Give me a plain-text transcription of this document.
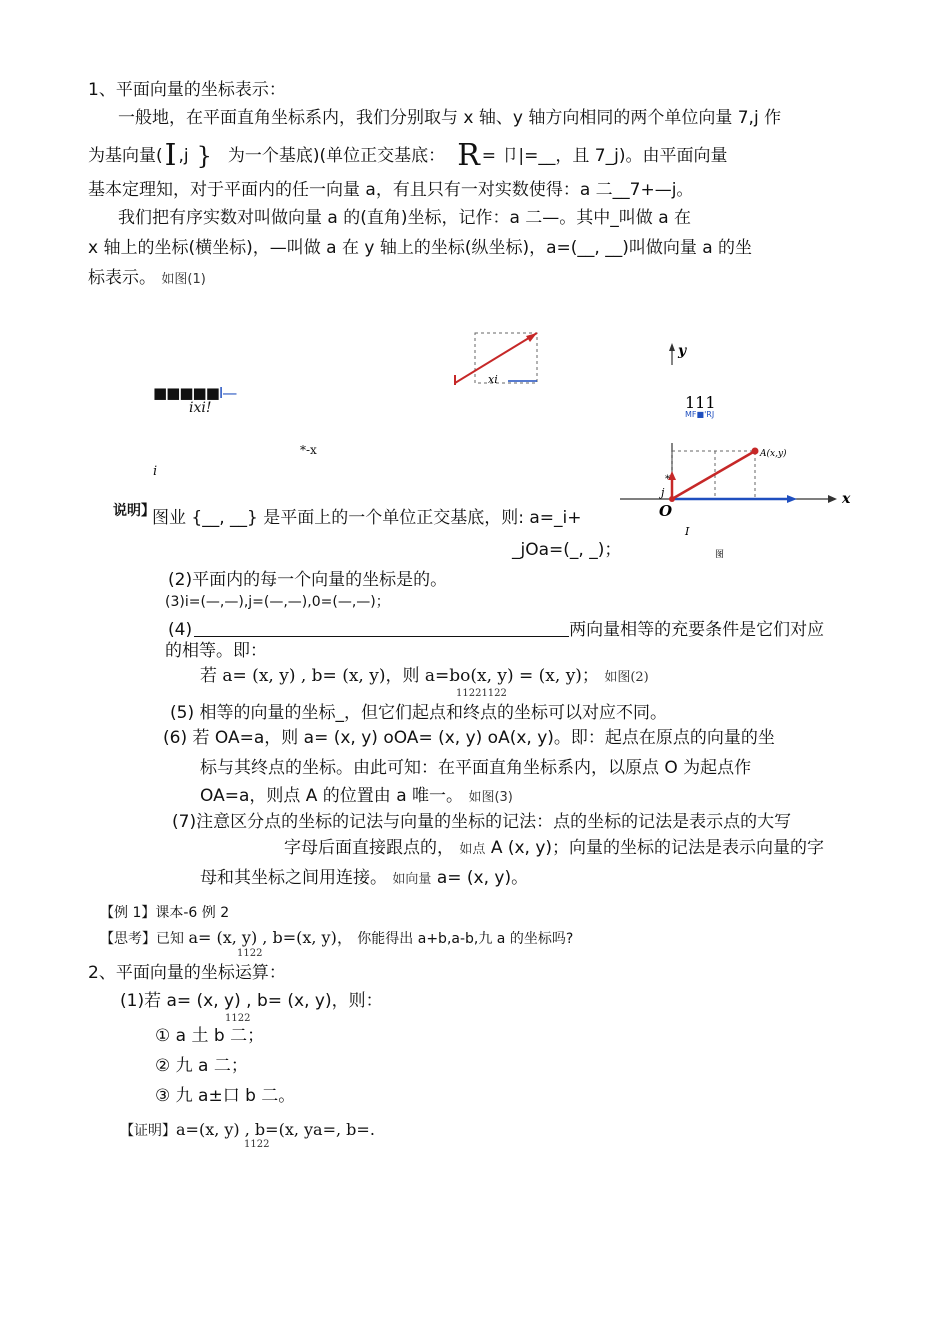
1、平面向量的坐标表示：
一般地，在平面直角坐标系内，我们分别取与 x 轴、y 轴方向相同的两个单位向量 7,j 作
为基向量( I ,j } 为一个基底)(单位正交基底： R = 卩|=__，且 7_j)。由平面向量
基本定理知，对于平面内的任一向量 a，有且只有一对实数使得：a 二__7+—j。
我们把有序实数对叫做向量 a 的(直角)坐标，记作：a 二—。其中_叫做 a 在
x 轴上的坐标(横坐标)，—叫做 a 在 y 轴上的坐标(纵坐标)，a=(__, __)叫做向量 a 的坐
标表示。 如图(1)
xi
■■■■■I—
ixi!
*-x
i
说明】
y
111
MF■'RJ
x
A(x,y)
O
j
*
I
图
图业 {__, __} 是平面上的一个单位正交基底，则: a=_i+
_jOa=(_, _)；
(2)平面内的每一个向量的坐标是的。
(3)i=(—,—),j=(—,—),0=(—,—)；
(4)	两向量相等的充要条件是它们对应
的相等。即：
若 a= (x, y) , b= (x, y)，则 a=bo(x, y) = (x, y)； 如图(2)
11221122
(5) 相等的向量的坐标_，但它们起点和终点的坐标可以对应不同。
(6) 若 OA=a，则 a= (x, y) oOA= (x, y) oA(x, y)。即：起点在原点的向量的坐
标与其终点的坐标。由此可知：在平面直角坐标系内，以原点 O 为起点作
OA=a，则点 A 的位置由 a 唯一。 如图(3)
(7)注意区分点的坐标的记法与向量的坐标的记法：点的坐标的记法是表示点的大写
字母后面直接跟点的， 如点 A (x, y)；向量的坐标的记法是表示向量的字
母和其坐标之间用连接。 如向量 a= (x, y)。
【例 1】课本-6 例 2
【思考】已知 a= (x, y) , b=(x, y)， 你能得出 a+b,a-b,九 a 的坐标吗?
1122
2、平面向量的坐标运算：
(1)若 a= (x, y) , b= (x, y)，则：
1122
① a 土 b 二；
② 九 a 二；
③ 九 a±口 b 二。
【证明】a=(x, y) , b=(x, ya=, b=.
1122
